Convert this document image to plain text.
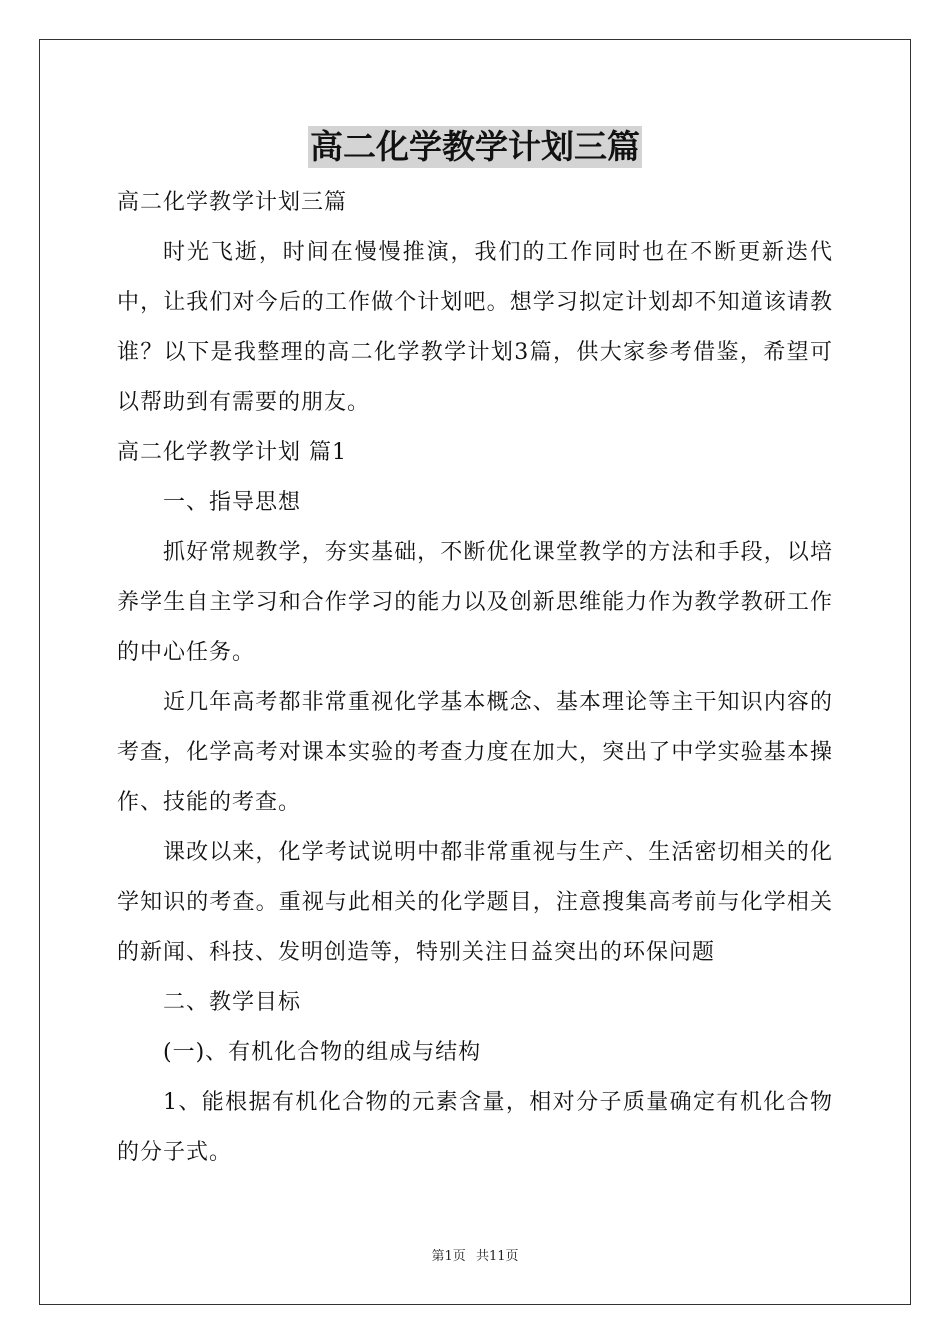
高二化学教学计划三篇

高二化学教学计划三篇

时光飞逝，时间在慢慢推演，我们的工作同时也在不断更新迭代中，让我们对今后的工作做个计划吧。想学习拟定计划却不知道该请教谁？以下是我整理的高二化学教学计划3篇，供大家参考借鉴，希望可以帮助到有需要的朋友。

高二化学教学计划 篇1

一、指导思想

抓好常规教学，夯实基础，不断优化课堂教学的方法和手段，以培养学生自主学习和合作学习的能力以及创新思维能力作为教学教研工作的中心任务。

近几年高考都非常重视化学基本概念、基本理论等主干知识内容的考查，化学高考对课本实验的考查力度在加大，突出了中学实验基本操作、技能的考查。

课改以来，化学考试说明中都非常重视与生产、生活密切相关的化学知识的考查。重视与此相关的化学题目，注意搜集高考前与化学相关的新闻、科技、发明创造等，特别关注日益突出的环保问题

二、教学目标

(一)、有机化合物的组成与结构

1、能根据有机化合物的元素含量，相对分子质量确定有机化合物的分子式。

第1页 共11页
